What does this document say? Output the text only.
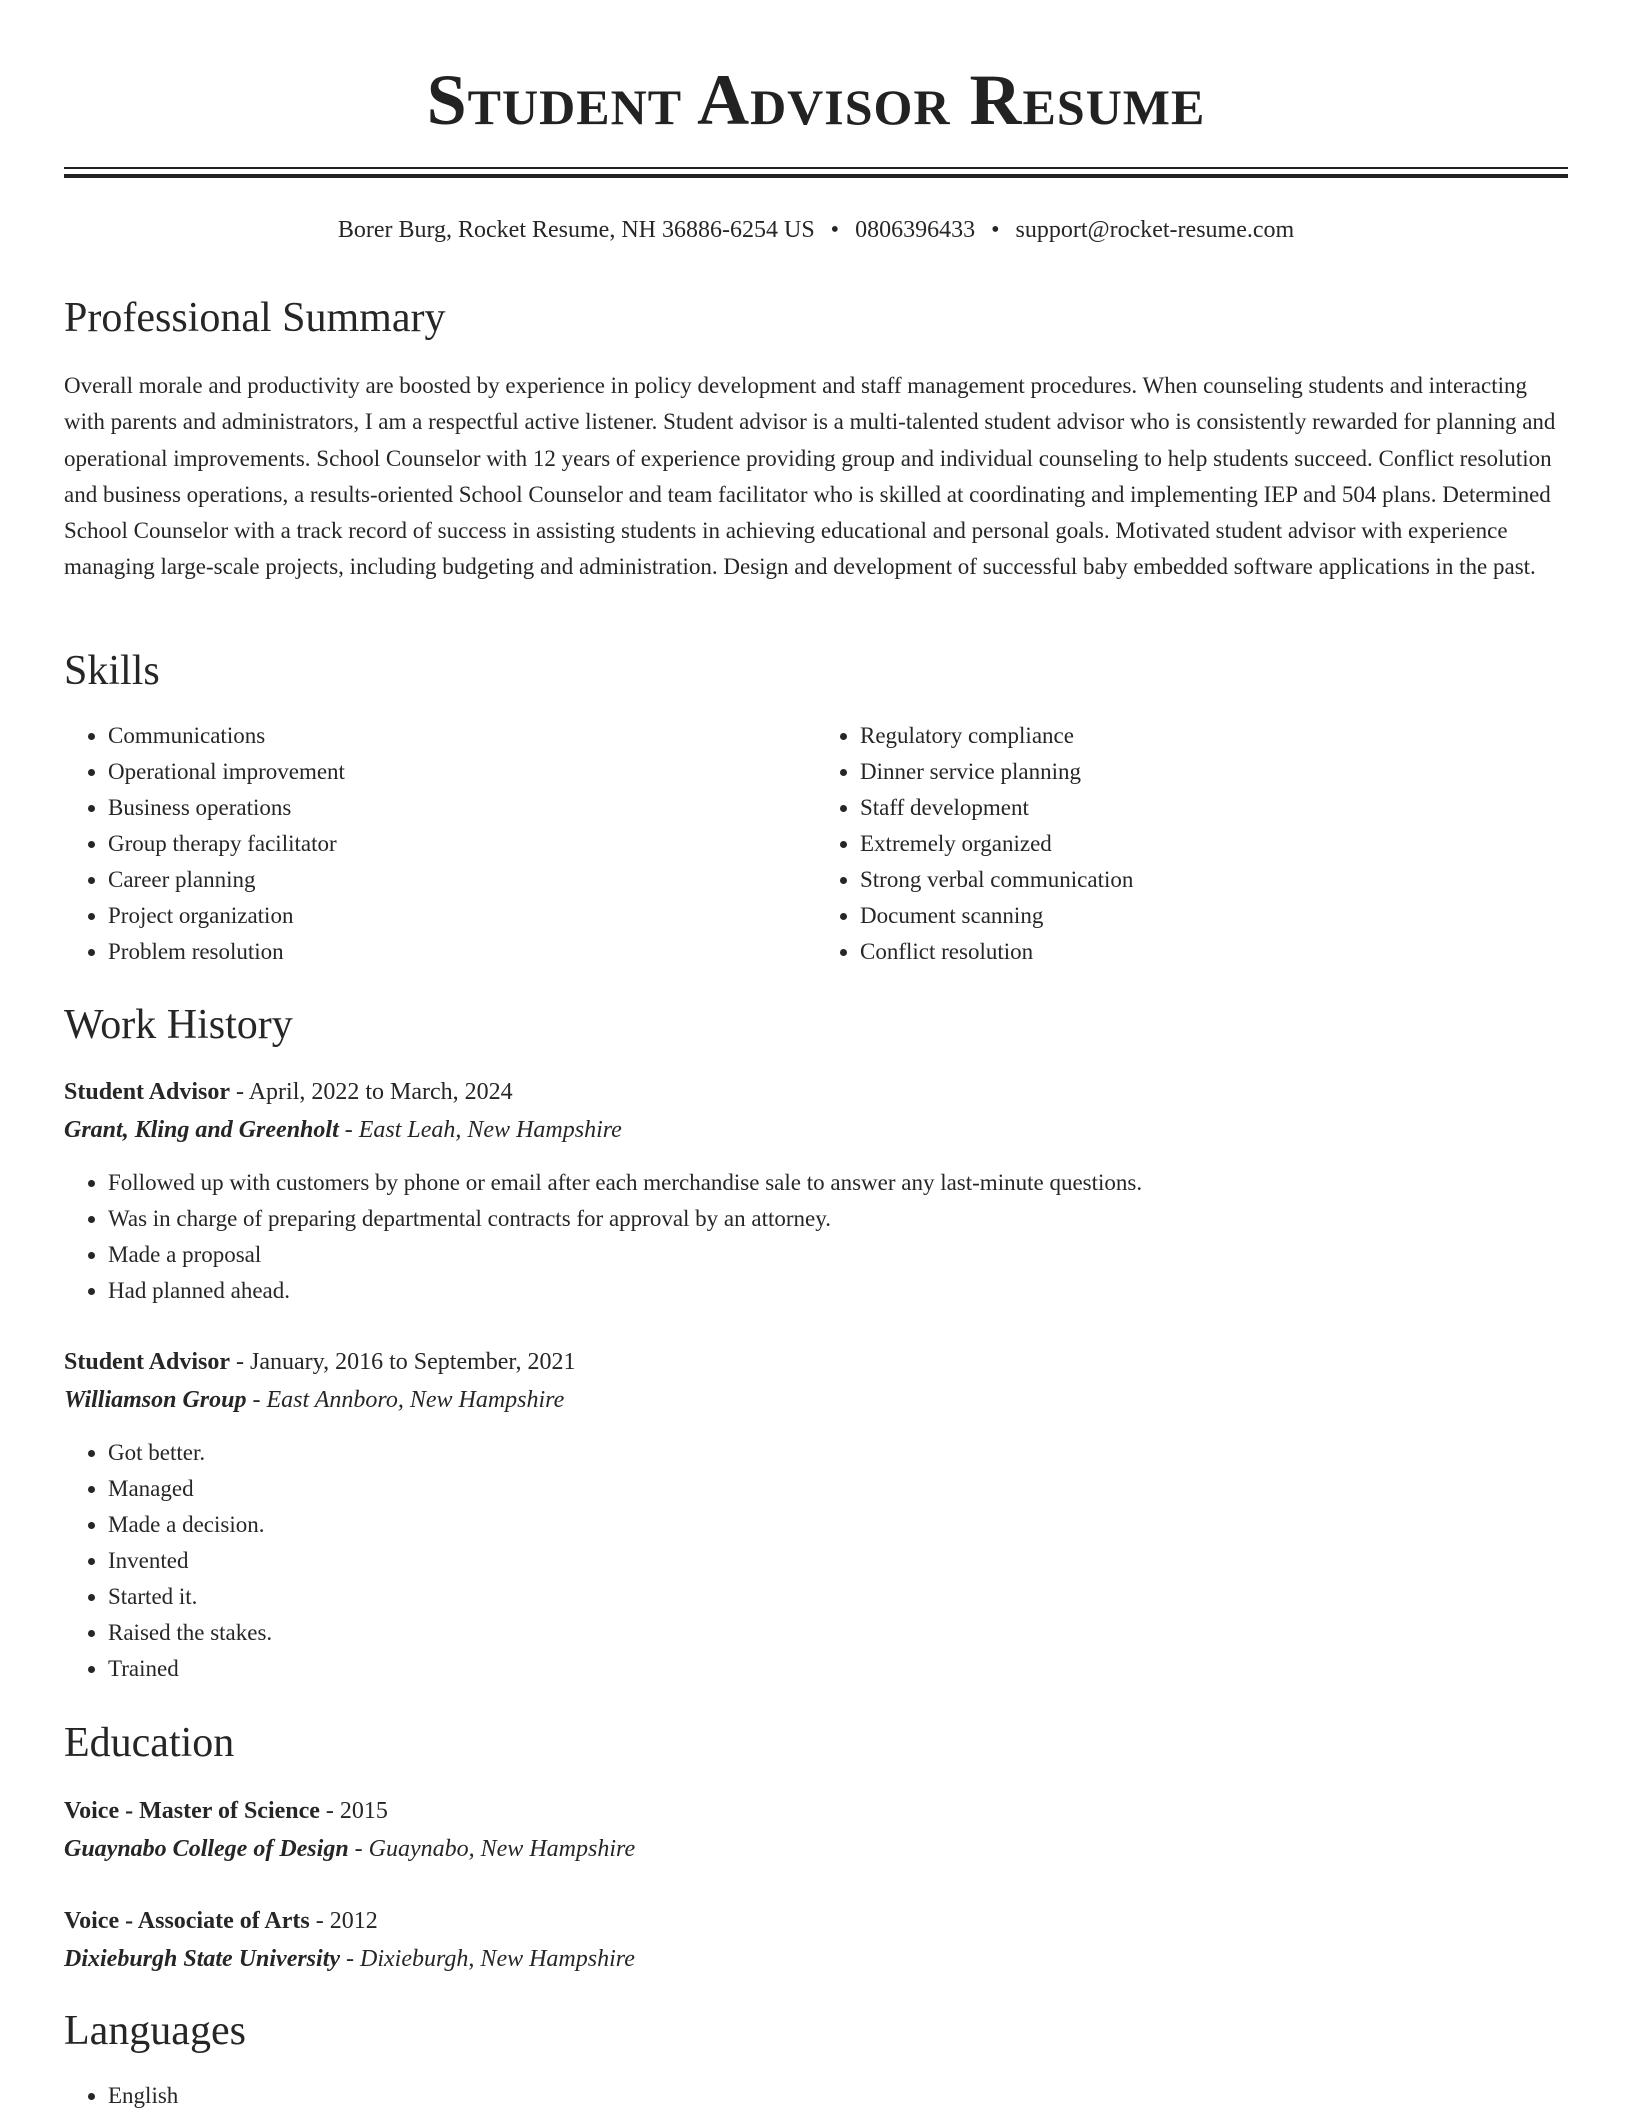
Student Advisor Resume
Borer Burg, Rocket Resume, NH 36886-6254 US • 0806396433 • support@rocket-resume.com
Professional Summary

Overall morale and productivity are boosted by experience in policy development and staff management procedures. When counseling students and interacting with parents and administrators, I am a respectful active listener. Student advisor is a multi-talented student advisor who is consistently rewarded for planning and operational improvements. School Counselor with 12 years of experience providing group and individual counseling to help students succeed. Conflict resolution and business operations, a results-oriented School Counselor and team facilitator who is skilled at coordinating and implementing IEP and 504 plans. Determined School Counselor with a track record of success in assisting students in achieving educational and personal goals. Motivated student advisor with experience managing large-scale projects, including budgeting and administration. Design and development of successful baby embedded software applications in the past.

Skills
• Communications
• Operational improvement
• Business operations
• Group therapy facilitator
• Career planning
• Project organization
• Problem resolution
• Regulatory compliance
• Dinner service planning
• Staff development
• Extremely organized
• Strong verbal communication
• Document scanning
• Conflict resolution
Work History
Student Advisor - April, 2022 to March, 2024
Grant, Kling and Greenholt - East Leah, New Hampshire
• Followed up with customers by phone or email after each merchandise sale to answer any last-minute questions.
• Was in charge of preparing departmental contracts for approval by an attorney.
• Made a proposal
• Had planned ahead.
Student Advisor - January, 2016 to September, 2021
Williamson Group - East Annboro, New Hampshire
• Got better.
• Managed
• Made a decision.
• Invented
• Started it.
• Raised the stakes.
• Trained
Education
Voice - Master of Science - 2015
Guaynabo College of Design - Guaynabo, New Hampshire
Voice - Associate of Arts - 2012
Dixieburgh State University - Dixieburgh, New Hampshire
Languages
• English
